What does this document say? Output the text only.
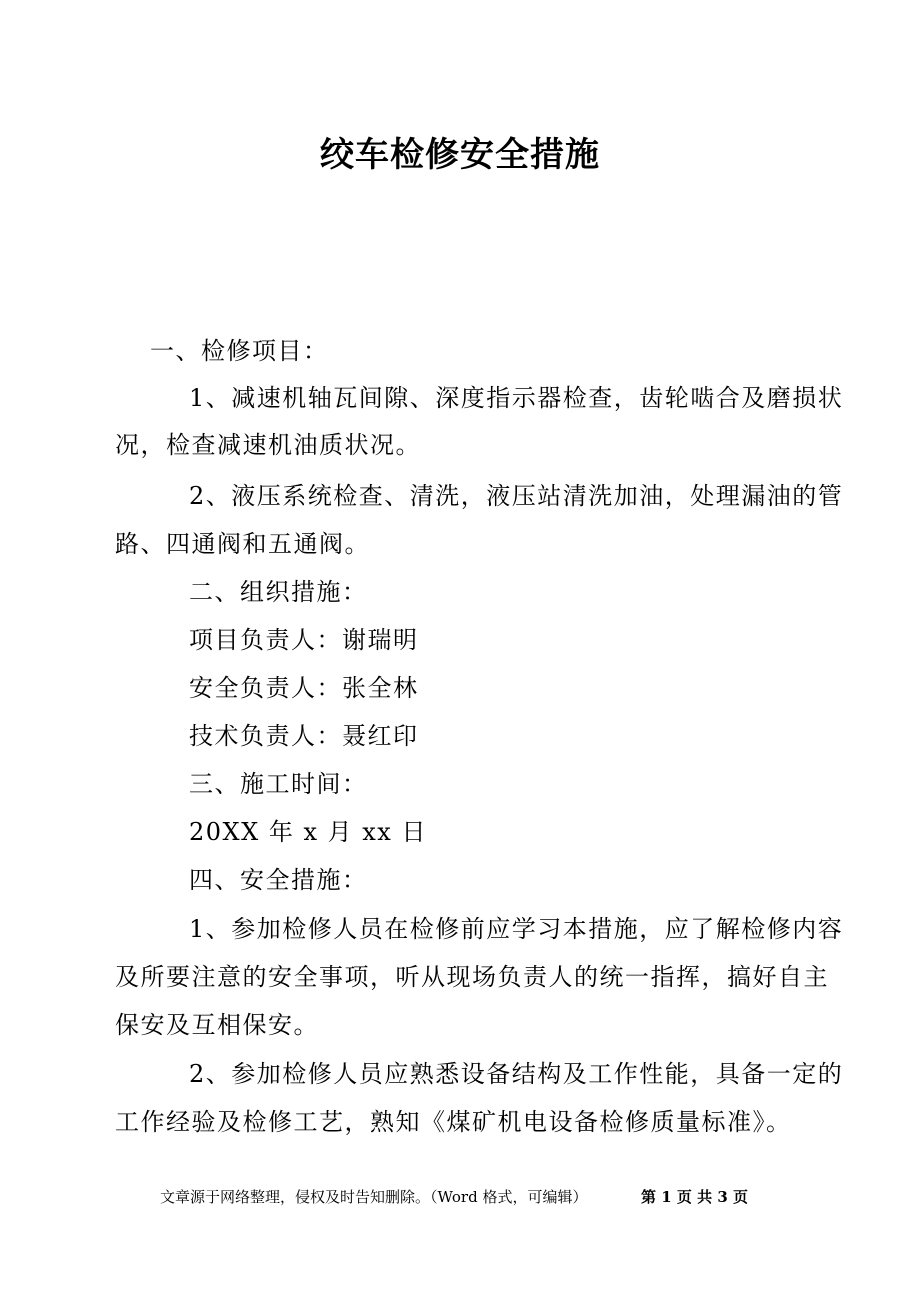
绞车检修安全措施
一、检修项目：
1、减速机轴瓦间隙、深度指示器检查，齿轮啮合及磨损状
况，检查减速机油质状况。
2、液压系统检查、清洗，液压站清洗加油，处理漏油的管
路、四通阀和五通阀。
二、组织措施：
项目负责人：谢瑞明
安全负责人：张全林
技术负责人：聂红印
三、施工时间：
20XX 年 x 月 xx 日
四、安全措施：
1、参加检修人员在检修前应学习本措施，应了解检修内容
及所要注意的安全事项，听从现场负责人的统一指挥，搞好自主
保安及互相保安。
2、参加检修人员应熟悉设备结构及工作性能，具备一定的
工作经验及检修工艺，熟知《煤矿机电设备检修质量标准》。
文章源于网络整理，侵权及时告知删除。（Word 格式，可编辑）	第 1 页 共 3 页
